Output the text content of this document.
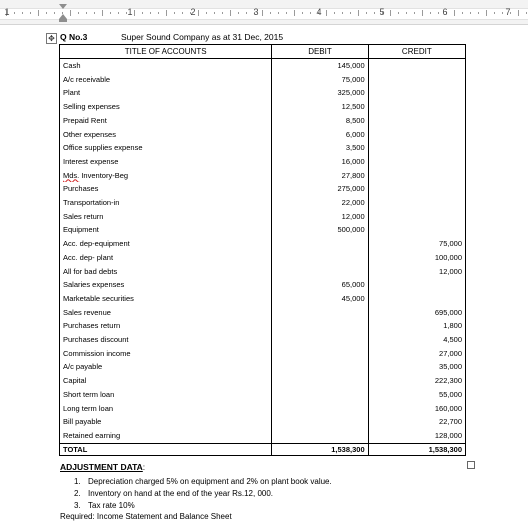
1	1	2	3	4	5	6	7
✥ Q No.3	Super Sound Company as at 31 Dec, 2015
TITLE OF ACCOUNTS	DEBIT	CREDIT
Cash	145,000	
A/c receivable	75,000	
Plant	325,000	
Selling expenses	12,500	
Prepaid Rent	8,500	
Other expenses	6,000	
Office supplies expense	3,500	
Interest expense	16,000	
Mds. Inventory-Beg	27,800	
Purchases	275,000	
Transportation-in	22,000	
Sales return	12,000	
Equipment	500,000	
Acc. dep-equipment		75,000
Acc. dep- plant		100,000
All for bad debts		12,000
Salaries expenses	65,000	
Marketable securities	45,000	
Sales revenue		695,000
Purchases return		1,800
Purchases discount		4,500
Commission income		27,000
A/c payable		35,000
Capital		222,300
Short term loan		55,000
Long term loan		160,000
Bill payable		22,700
Retained earning		128,000
TOTAL	1,538,300	1,538,300
ADJUSTMENT DATA:
1. Depreciation charged 5% on equipment and 2% on plant book value.
2. Inventory on hand at the end of the year Rs.12, 000.
3. Tax rate 10%
Required: Income Statement and Balance Sheet
